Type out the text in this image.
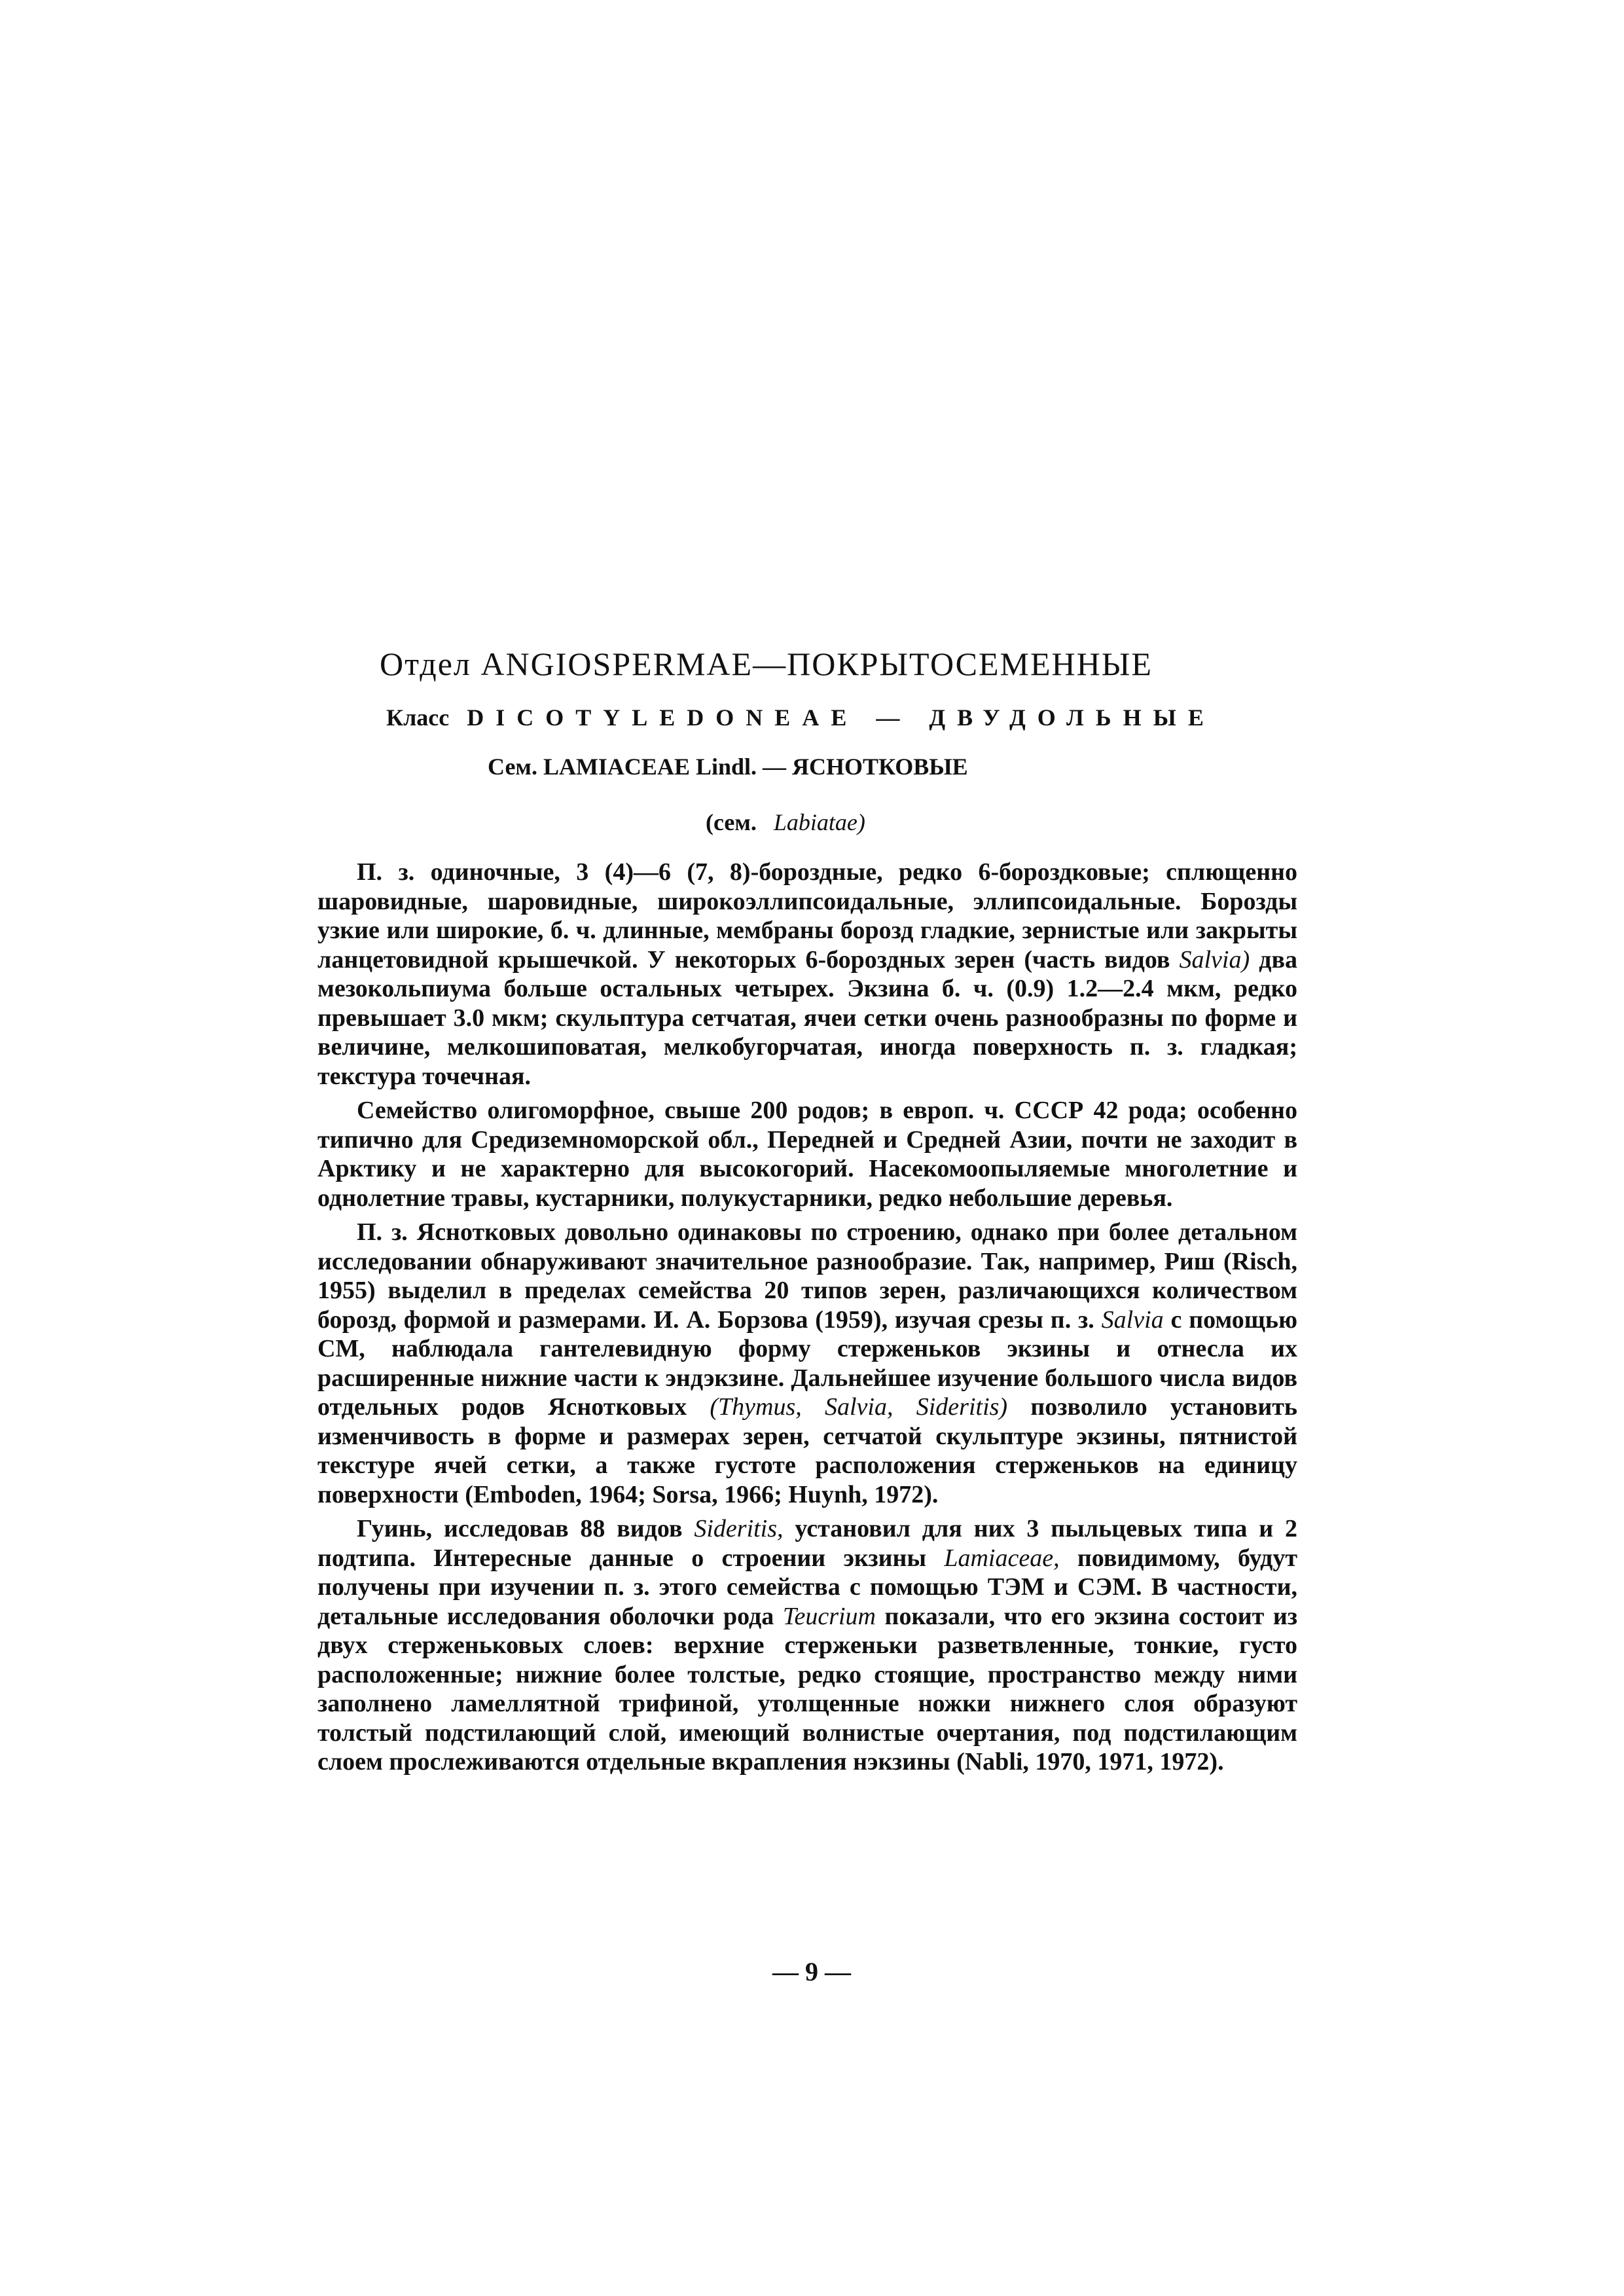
Отдел ANGIOSPERMAE—ПОКРЫТОСЕМЕННЫЕ
Класс DICOTYLEDONEAE — ДВУДОЛЬНЫЕ
Сем. LAMIACEAE Lindl. — ЯСНОТКОВЫЕ
(сем. Labiatae)

П. з. одиночные, 3 (4)—6 (7, 8)-бороздные, редко 6-бороздковые; сплющенно шаровидные, шаровидные, широкоэллипсоидальные, эллипсоидальные. Борозды узкие или широкие, б. ч. длинные, мембраны борозд гладкие, зернистые или закрыты ланцетовидной крышечкой. У некоторых 6-бороздных зерен (часть видов Salvia) два мезокольпиума больше остальных четырех. Экзина б. ч. (0.9) 1.2—2.4 мкм, редко превышает 3.0 мкм; скульптура сетчатая, ячеи сетки очень разнообразны по форме и величине, мелкошиповатая, мелкобугорчатая, иногда поверхность п. з. гладкая; текстура точечная.

Семейство олигоморфное, свыше 200 родов; в европ. ч. СССР 42 рода; особенно типично для Средиземноморской обл., Передней и Средней Азии, почти не заходит в Арктику и не характерно для высокогорий. Насекомоопыляемые многолетние и однолетние травы, кустарники, полукустарники, редко небольшие деревья.

П. з. Яснотковых довольно одинаковы по строению, однако при более детальном исследовании обнаруживают значительное разнообразие. Так, например, Риш (Risch, 1955) выделил в пределах семейства 20 типов зерен, различающихся количеством борозд, формой и размерами. И. А. Борзова (1959), изучая срезы п. з. Salvia с помощью СМ, наблюдала гантелевидную форму стерженьков экзины и отнесла их расширенные нижние части к эндэкзине. Дальнейшее изучение большого числа видов отдельных родов Яснотковых (Thymus, Salvia, Sideritis) позволило установить изменчивость в форме и размерах зерен, сетчатой скульптуре экзины, пятнистой текстуре ячей сетки, а также густоте расположения стерженьков на единицу поверхности (Emboden, 1964; Sorsa, 1966; Huynh, 1972).

Гуинь, исследовав 88 видов Sideritis, установил для них 3 пыльцевых типа и 2 подтипа. Интересные данные о строении экзины Lamiaceae, повидимому, будут получены при изучении п. з. этого семейства с помощью ТЭМ и СЭМ. В частности, детальные исследования оболочки рода Teucrium показали, что его экзина состоит из двух стерженьковых слоев: верхние стерженьки разветвленные, тонкие, густо расположенные; нижние более толстые, редко стоящие, пространство между ними заполнено ламеллятной трифиной, утолщенные ножки нижнего слоя образуют толстый подстилающий слой, имеющий волнистые очертания, под подстилающим слоем прослеживаются отдельные вкрапления нэкзины (Nabli, 1970, 1971, 1972).

— 9 —
